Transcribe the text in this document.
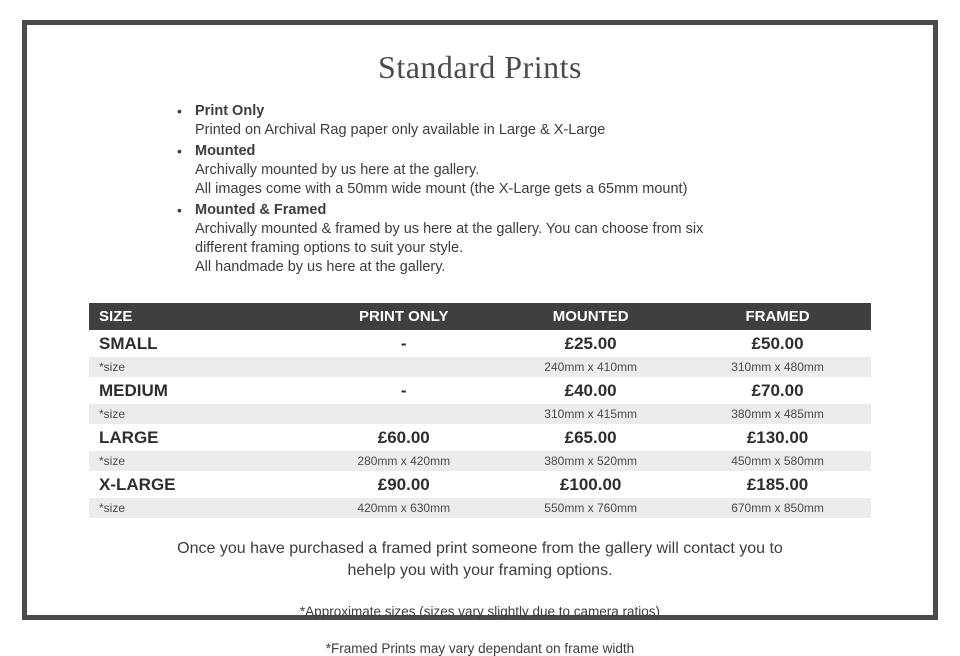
Standard Prints
• Print Only
Printed on Archival Rag paper only available in Large & X-Large
• Mounted
Archivally mounted by us here at the gallery.
All images come with a 50mm wide mount (the X-Large gets a 65mm mount)
• Mounted & Framed
Archivally mounted & framed by us here at the gallery. You can choose from six
different framing options to suit your style.
All handmade by us here at the gallery.
SIZE	PRINT ONLY	MOUNTED	FRAMED
SMALL	-	£25.00	£50.00
*size		240mm x 410mm	310mm x 480mm
MEDIUM	-	£40.00	£70.00
*size		310mm x 415mm	380mm x 485mm
LARGE	£60.00	£65.00	£130.00
*size	280mm x 420mm	380mm x 520mm	450mm x 580mm
X-LARGE	£90.00	£100.00	£185.00
*size	420mm x 630mm	550mm x 760mm	670mm x 850mm
Once you have purchased a framed print someone from the gallery will contact you to hehelp you with your framing options.
*Approximate sizes (sizes vary slightly due to camera ratios)
*Framed Prints may vary dependant on frame width
